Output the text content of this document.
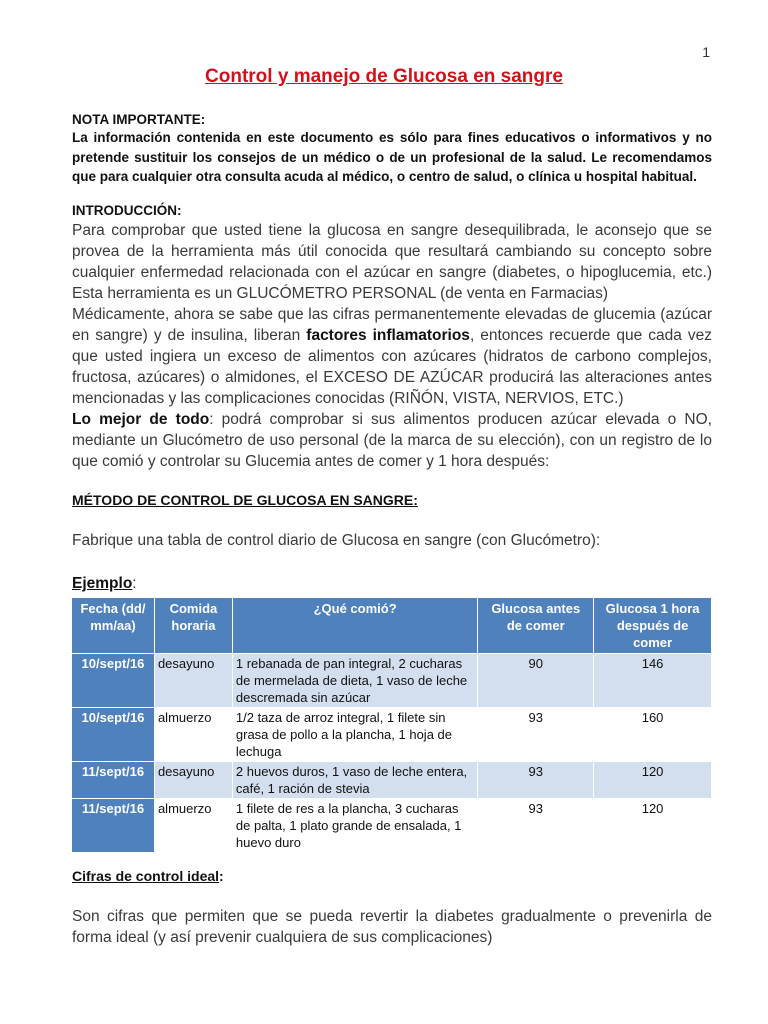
1
Control y manejo de Glucosa en sangre
NOTA IMPORTANTE:
La información contenida en este documento es sólo para fines educativos o informativos y no pretende sustituir los consejos de un médico o de un profesional de la salud. Le recomendamos que para cualquier otra consulta acuda al médico, o centro de salud, o clínica u hospital habitual.
INTRODUCCIÓN:
Para comprobar que usted tiene la glucosa en sangre desequilibrada, le aconsejo que se provea de la herramienta más útil conocida que resultará cambiando su concepto sobre cualquier enfermedad relacionada con el azúcar en sangre (diabetes, o hipoglucemia, etc.) Esta herramienta es un GLUCÓMETRO PERSONAL (de venta en Farmacias)
Médicamente, ahora se sabe que las cifras permanentemente elevadas de glucemia (azúcar en sangre) y de insulina, liberan factores inflamatorios, entonces recuerde que cada vez que usted ingiera un exceso de alimentos con azúcares (hidratos de carbono complejos, fructosa, azúcares) o almidones, el EXCESO DE AZÚCAR producirá las alteraciones antes mencionadas y las complicaciones conocidas (RIÑÓN, VISTA, NERVIOS, ETC.)
Lo mejor de todo: podrá comprobar si sus alimentos producen azúcar elevada o NO, mediante un Glucómetro de uso personal (de la marca de su elección), con un registro de lo que comió y controlar su Glucemia antes de comer y 1 hora después:
MÉTODO DE CONTROL DE GLUCOSA EN SANGRE:
Fabrique una tabla de control diario de Glucosa en sangre (con Glucómetro):
Ejemplo:
Fecha (dd/ mm/aa)	Comida horaria	¿Qué comió?	Glucosa antes de comer	Glucosa 1 hora después de comer
10/sept/16	desayuno	1 rebanada de pan integral, 2 cucharas de mermelada de dieta, 1 vaso de leche descremada sin azúcar	90	146
10/sept/16	almuerzo	1/2 taza de arroz integral, 1 filete sin grasa de pollo a la plancha, 1 hoja de lechuga	93	160
11/sept/16	desayuno	2 huevos duros, 1 vaso de leche entera, café, 1 ración de stevia	93	120
11/sept/16	almuerzo	1 filete de res a la plancha, 3 cucharas de palta, 1 plato grande de ensalada, 1 huevo duro	93	120
Cifras de control ideal:
Son cifras que permiten que se pueda revertir la diabetes gradualmente o prevenirla de forma ideal (y así prevenir cualquiera de sus complicaciones)
